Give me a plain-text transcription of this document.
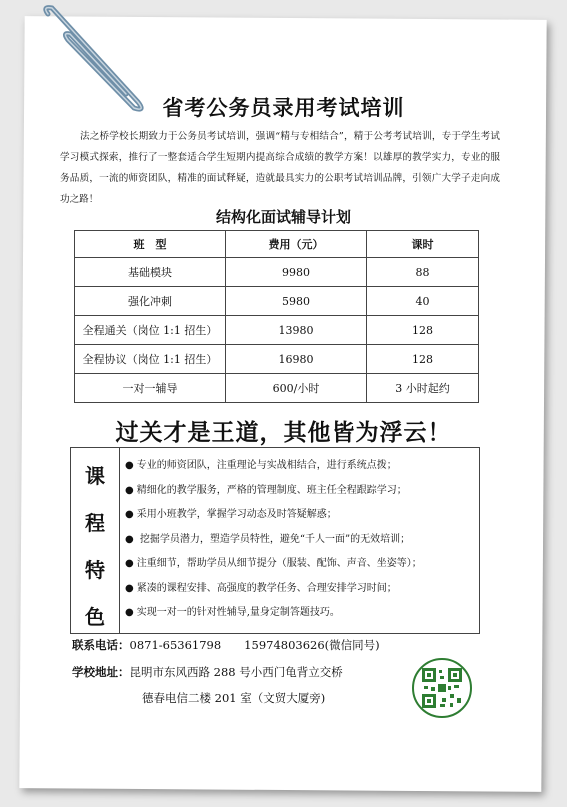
省考公务员录用考试培训
法之桥学校长期致力于公务员考试培训，强调“精与专相结合”，精于公考考试培训，专于学生考试学习模式探索，推行了一整套适合学生短期内提高综合成绩的教学方案！以雄厚的教学实力，专业的服务品质，一流的师资团队，精准的面试释疑，造就最具实力的公职考试培训品牌，引领广大学子走向成功之路！
结构化面试辅导计划
班　型	费用（元）	课时
基础模块	9980	88
强化冲刺	5980	40
全程通关（岗位 1:1 招生）	13980	128
全程协议（岗位 1:1 招生）	16980	128
一对一辅导	600/小时	3 小时起约
过关才是王道，其他皆为浮云！
课
程
特
色
● 专业的师资团队，注重理论与实战相结合，进行系统点拨；
● 精细化的教学服务，严格的管理制度、班主任全程跟踪学习；
● 采用小班教学，掌握学习动态及时答疑解惑；
● 挖掘学员潜力，塑造学员特性，避免“千人一面”的无效培训；
● 注重细节，帮助学员从细节提分（服装、配饰、声音、坐姿等）；
● 紧凑的课程安排、高强度的教学任务、合理安排学习时间；
● 实现一对一的针对性辅导,量身定制答题技巧。
联系电话：0871-65361798　　15974803626(微信同号)
学校地址：昆明市东风西路 288 号小西门龟背立交桥
德春电信二楼 201 室（文贸大厦旁)
